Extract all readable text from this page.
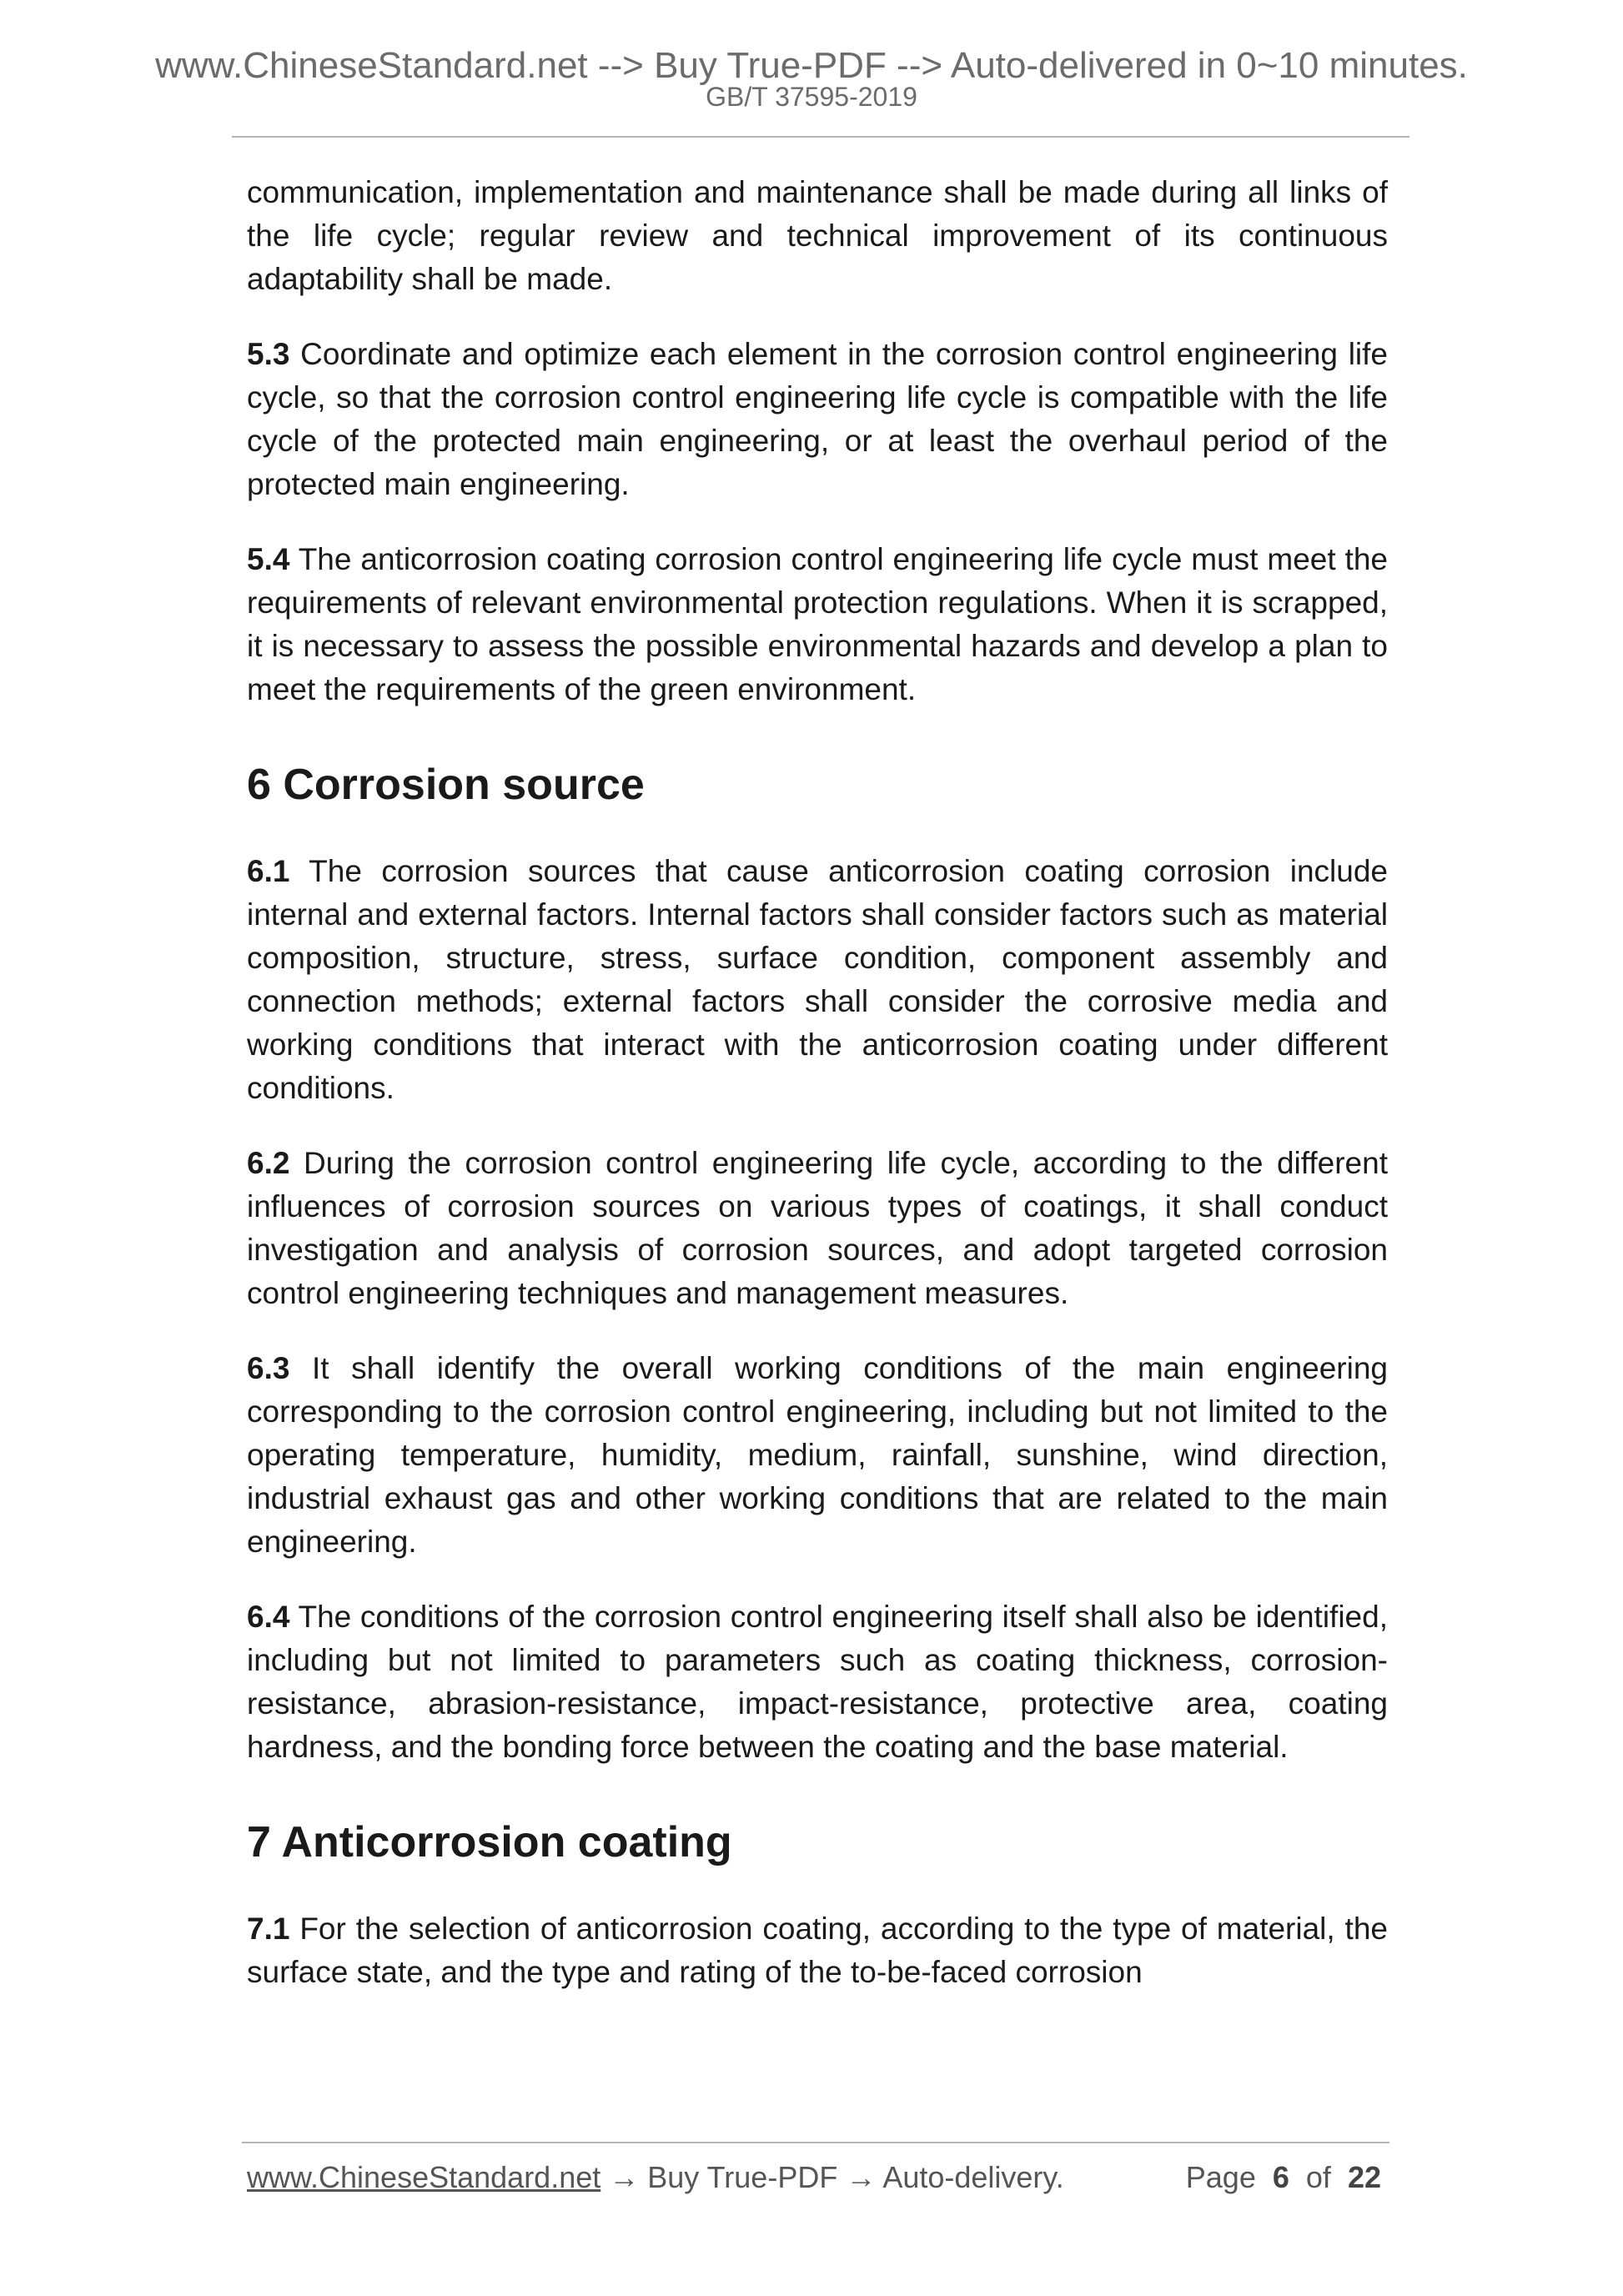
www.ChineseStandard.net --> Buy True-PDF --> Auto-delivered in 0~10 minutes.
GB/T 37595-2019

communication, implementation and maintenance shall be made during all links of the life cycle; regular review and technical improvement of its continuous adaptability shall be made.

5.3 Coordinate and optimize each element in the corrosion control engineering life cycle, so that the corrosion control engineering life cycle is compatible with the life cycle of the protected main engineering, or at least the overhaul period of the protected main engineering.

5.4 The anticorrosion coating corrosion control engineering life cycle must meet the requirements of relevant environmental protection regulations. When it is scrapped, it is necessary to assess the possible environmental hazards and develop a plan to meet the requirements of the green environment.

6 Corrosion source

6.1 The corrosion sources that cause anticorrosion coating corrosion include internal and external factors. Internal factors shall consider factors such as material composition, structure, stress, surface condition, component assembly and connection methods; external factors shall consider the corrosive media and working conditions that interact with the anticorrosion coating under different conditions.

6.2 During the corrosion control engineering life cycle, according to the different influences of corrosion sources on various types of coatings, it shall conduct investigation and analysis of corrosion sources, and adopt targeted corrosion control engineering techniques and management measures.

6.3 It shall identify the overall working conditions of the main engineering corresponding to the corrosion control engineering, including but not limited to the operating temperature, humidity, medium, rainfall, sunshine, wind direction, industrial exhaust gas and other working conditions that are related to the main engineering.

6.4 The conditions of the corrosion control engineering itself shall also be identified, including but not limited to parameters such as coating thickness, corrosion-resistance, abrasion-resistance, impact-resistance, protective area, coating hardness, and the bonding force between the coating and the base material.

7 Anticorrosion coating

7.1 For the selection of anticorrosion coating, according to the type of material, the surface state, and the type and rating of the to-be-faced corrosion

www.ChineseStandard.net → Buy True-PDF → Auto-delivery.	Page 6 of 22
